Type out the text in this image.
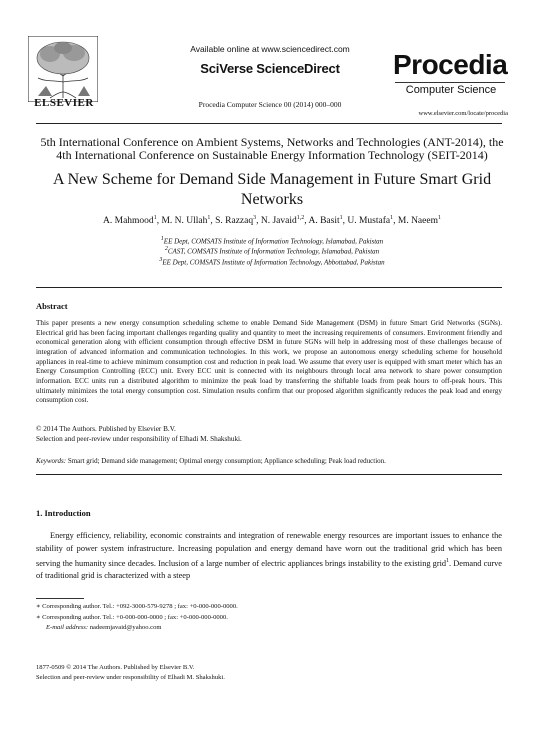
ELSEVIER
Available online at www.sciencedirect.com
SciVerse ScienceDirect
Procedia Computer Science 00 (2014) 000–000
Procedia
Computer Science
www.elsevier.com/locate/procedia
5th International Conference on Ambient Systems, Networks and Technologies (ANT-2014), the
4th International Conference on Sustainable Energy Information Technology (SEIT-2014)
A New Scheme for Demand Side Management in Future Smart Grid
Networks
A. Mahmood$^1$, M. N. Ullah$^1$, S. Razzaq$^3$, N. Javaid$^{1,2}$, A. Basit$^1$, U. Mustafa$^1$, M. Naeem$^1$
$^1$EE Dept, COMSATS Institute of Information Technology, Islamabad, Pakistan
$^2$CAST, COMSATS Institute of Information Technology, Islamabad, Pakistan
$^3$EE Dept, COMSATS Institute of Information Technology, Abbottabad, Pakistan
Abstract
This paper presents a new energy consumption scheduling scheme to enable Demand Side Management (DSM) in future Smart Grid Networks (SGNs). Electrical grid has been facing important challenges regarding quality and quantity to meet the increasing requirements of consumers. Environment friendly and economical generation along with efficient consumption through effective DSM in future SGNs will help in addressing most of these challenges because of integration of advanced information and communication technologies. In this work, we propose an autonomous energy scheduling scheme for household appliances in real-time to achieve minimum consumption cost and reduction in peak load. We assume that every user is equipped with smart meter which has an Energy Consumption Controlling (ECC) unit. Every ECC unit is connected with its neighbours through local area network to share power consumption information. ECC units run a distributed algorithm to minimize the peak load by transferring the shiftable loads from peak hours to off-peak hours. This ultimately minimizes the total energy consumption cost. Simulation results confirm that our proposed algorithm significantly reduces the peak load and energy consumption cost.
© 2014 The Authors. Published by Elsevier B.V.
Selection and peer-review under responsibility of Elhadi M. Shakshuki.
Keywords: Smart grid; Demand side management; Optimal energy consumption; Appliance scheduling; Peak load reduction.
1. Introduction
Energy efficiency, reliability, economic constraints and integration of renewable energy resources are important issues to enhance the stability of power system infrastructure. Increasing population and energy demand have worn out the traditional grid which has been serving the humanity since decades. Inclusion of a large number of electric appliances brings instability to the existing grid$^1$. Demand curve of traditional grid is characterized with a steep
∗ Corresponding author. Tel.: +092-3000-579-9278 ; fax: +0-000-000-0000.
∗ Corresponding author. Tel.: +0-000-000-0000 ; fax: +0-000-000-0000.
E-mail address: nadeemjavaid@yahoo.com
1877-0509 © 2014 The Authors. Published by Elsevier B.V.
Selection and peer-review under responsibility of Elhadi M. Shakshuki.
